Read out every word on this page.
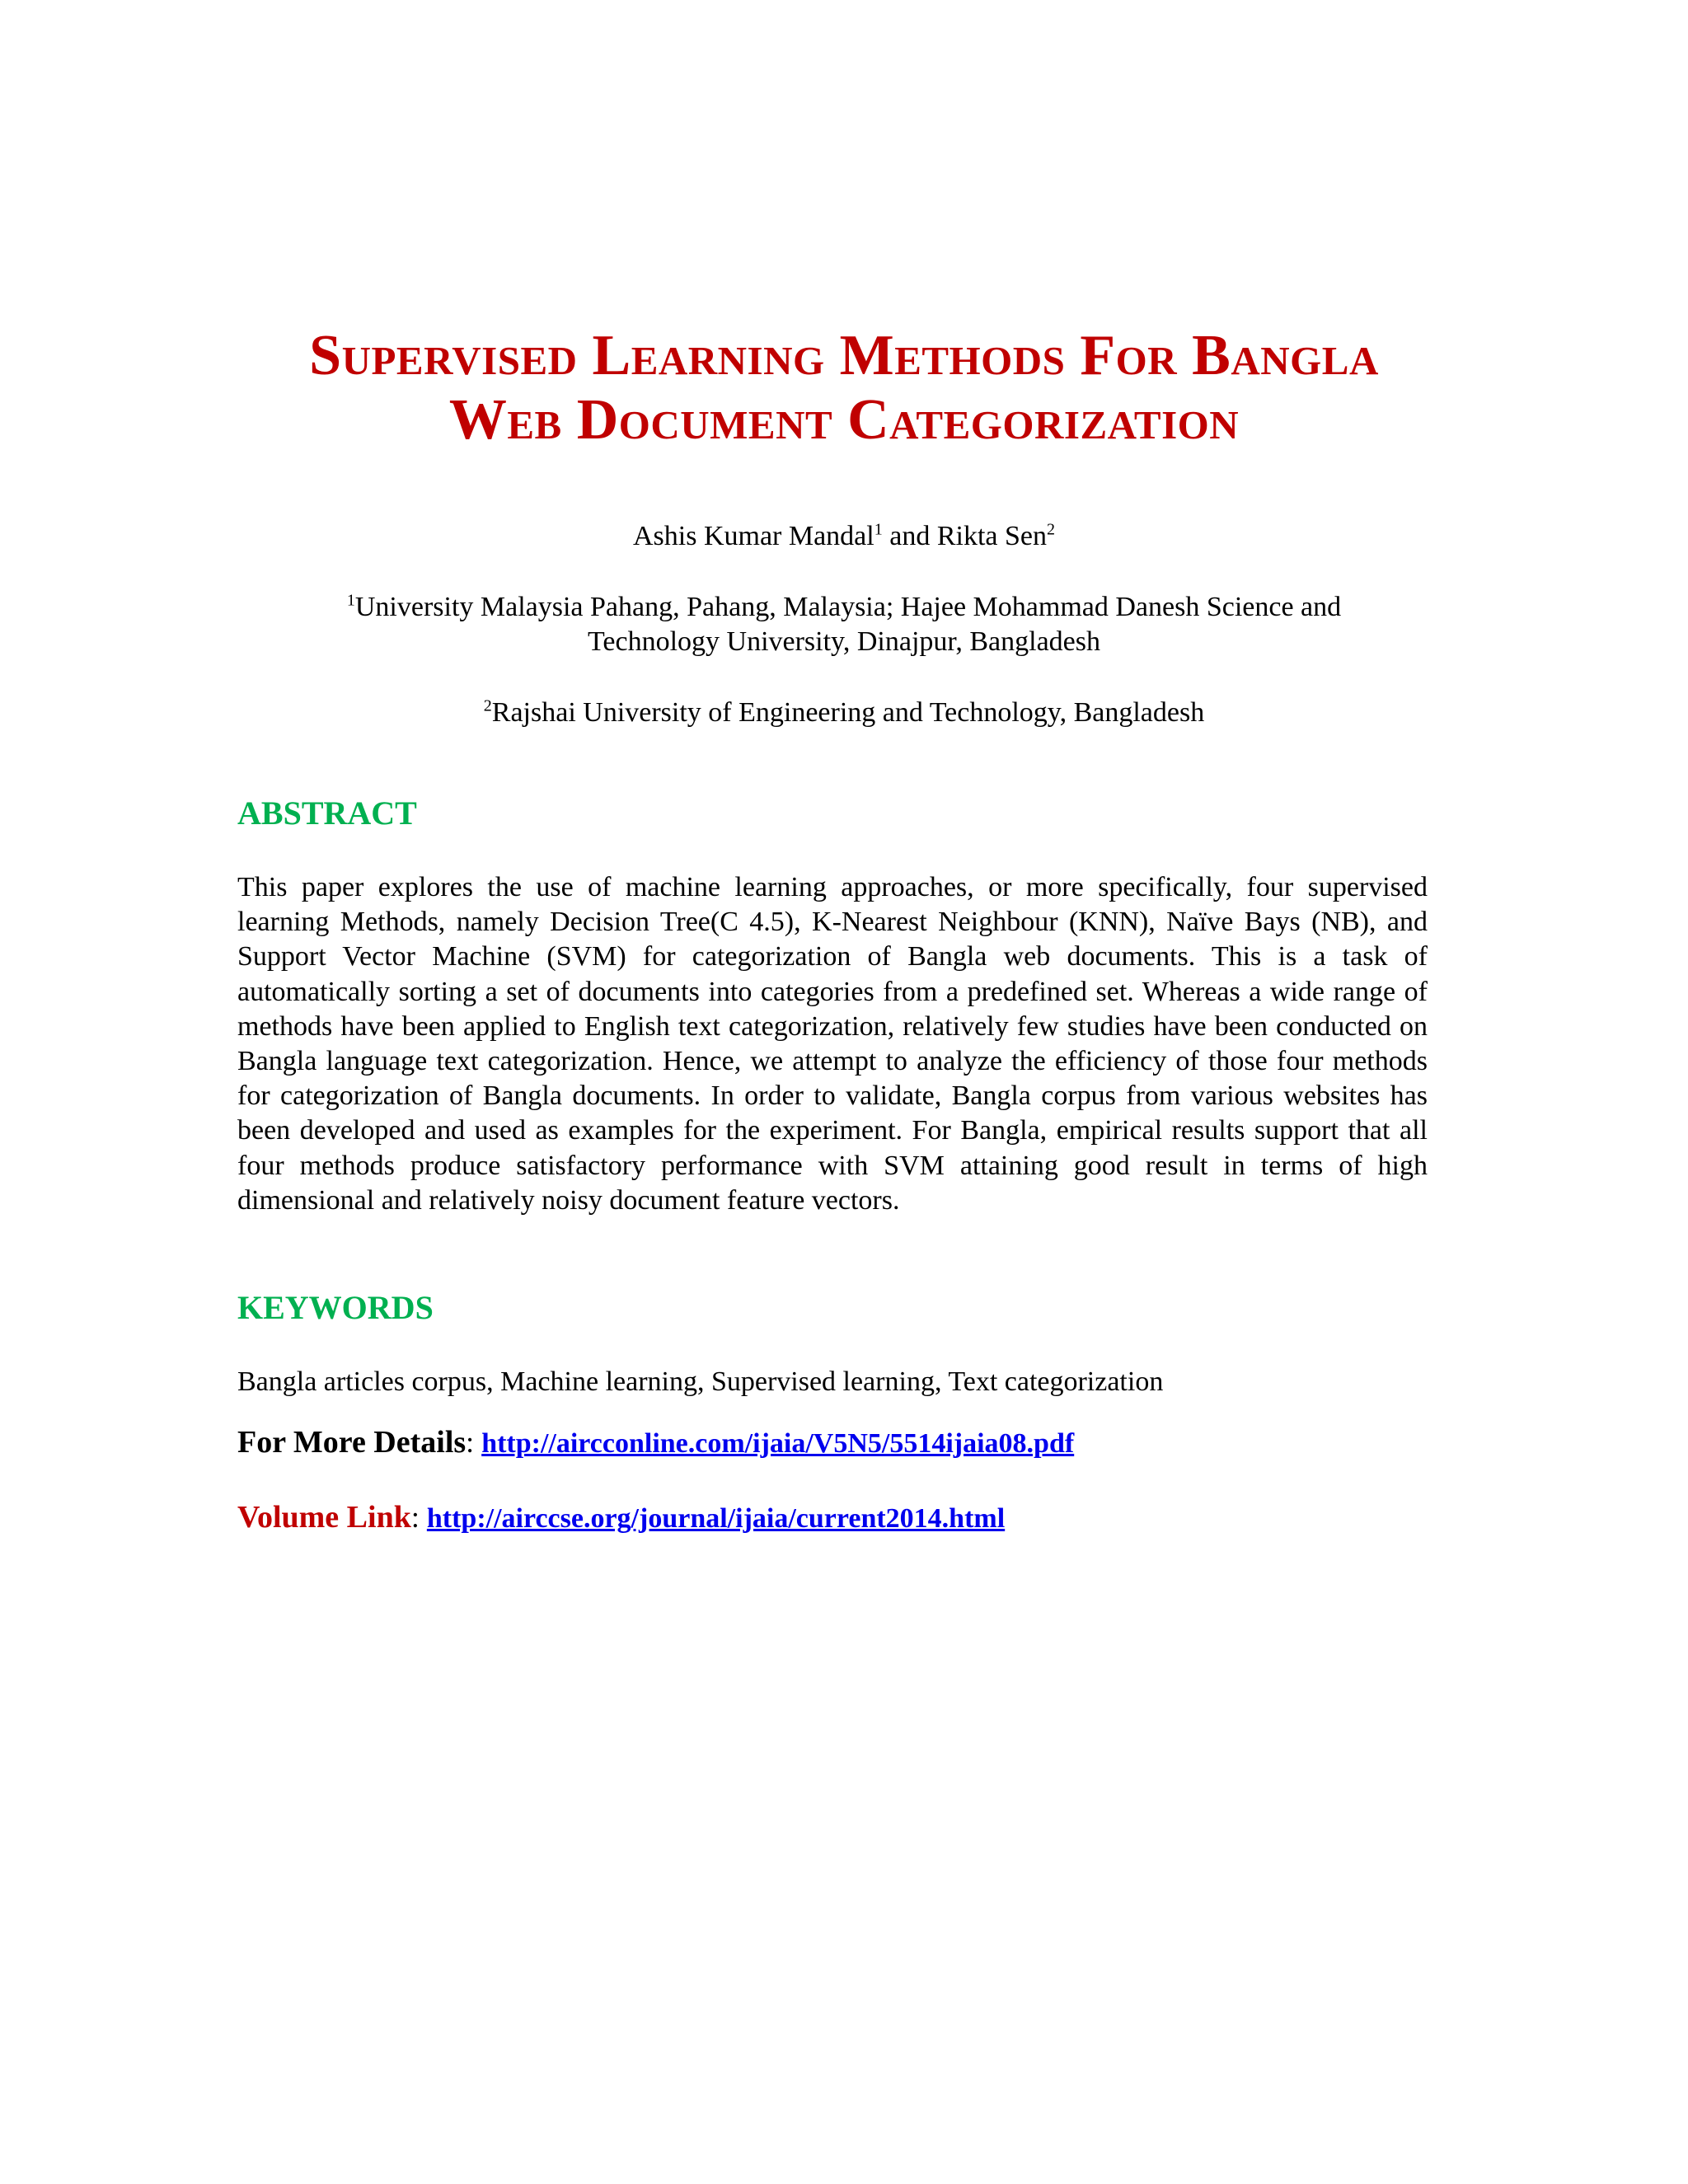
Supervised Learning Methods For Bangla
Web Document Categorization
Ashis Kumar Mandal$^1$ and Rikta Sen$^2$
$^1$University Malaysia Pahang, Pahang, Malaysia; Hajee Mohammad Danesh Science and
Technology University, Dinajpur, Bangladesh
$^2$Rajshai University of Engineering and Technology, Bangladesh
ABSTRACT
This paper explores the use of machine learning approaches, or more specifically, four supervised learning Methods, namely Decision Tree(C 4.5), K-Nearest Neighbour (KNN), Naïve Bays (NB), and Support Vector Machine (SVM) for categorization of Bangla web documents. This is a task of automatically sorting a set of documents into categories from a predefined set. Whereas a wide range of methods have been applied to English text categorization, relatively few studies have been conducted on Bangla language text categorization. Hence, we attempt to analyze the efficiency of those four methods for categorization of Bangla documents. In order to validate, Bangla corpus from various websites has been developed and used as examples for the experiment. For Bangla, empirical results support that all four methods produce satisfactory performance with SVM attaining good result in terms of high dimensional and relatively noisy document feature vectors.
KEYWORDS
Bangla articles corpus, Machine learning, Supervised learning, Text categorization
For More Details: http://aircconline.com/ijaia/V5N5/5514ijaia08.pdf
Volume Link: http://airccse.org/journal/ijaia/current2014.html
